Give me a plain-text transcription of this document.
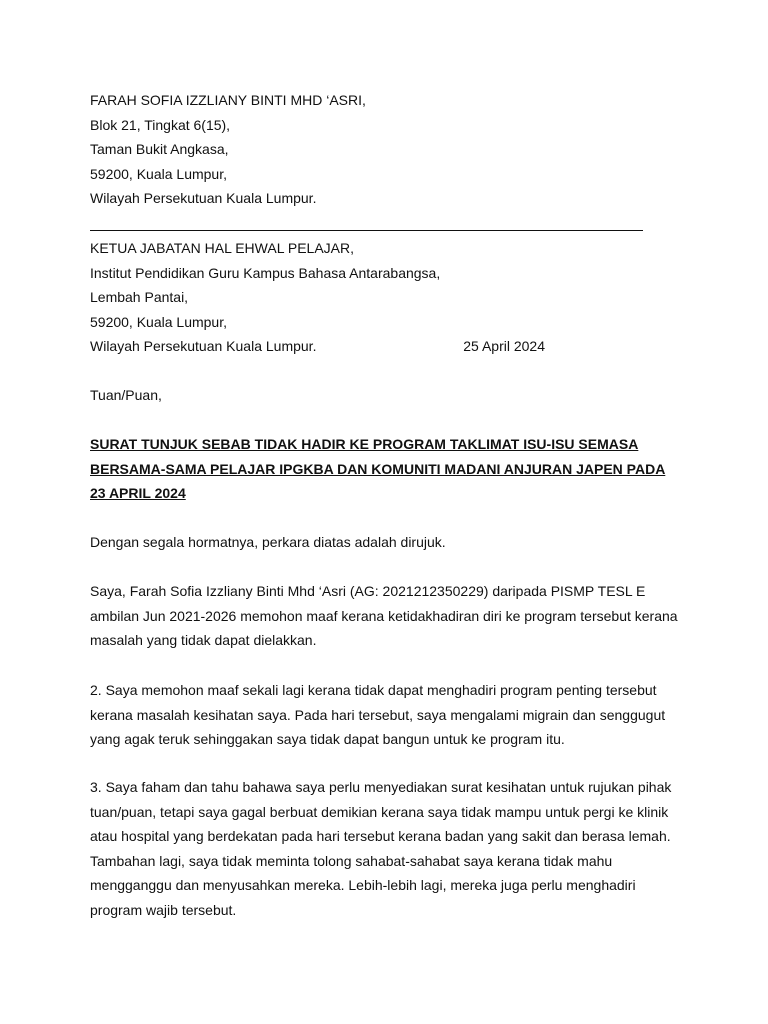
FARAH SOFIA IZZLIANY BINTI MHD ‘ASRI,
Blok 21, Tingkat 6(15),
Taman Bukit Angkasa,
59200, Kuala Lumpur,
Wilayah Persekutuan Kuala Lumpur.
KETUA JABATAN HAL EHWAL PELAJAR,
Institut Pendidikan Guru Kampus Bahasa Antarabangsa,
Lembah Pantai,
59200, Kuala Lumpur,
Wilayah Persekutuan Kuala Lumpur.	25 April 2024
Tuan/Puan,
SURAT TUNJUK SEBAB TIDAK HADIR KE PROGRAM TAKLIMAT ISU-ISU SEMASA
BERSAMA-SAMA PELAJAR IPGKBA DAN KOMUNITI MADANI ANJURAN JAPEN PADA
23 APRIL 2024
Dengan segala hormatnya, perkara diatas adalah dirujuk.
Saya, Farah Sofia Izzliany Binti Mhd ‘Asri (AG: 2021212350229) daripada PISMP TESL E
ambilan Jun 2021-2026 memohon maaf kerana ketidakhadiran diri ke program tersebut kerana
masalah yang tidak dapat dielakkan.
2. Saya memohon maaf sekali lagi kerana tidak dapat menghadiri program penting tersebut
kerana masalah kesihatan saya. Pada hari tersebut, saya mengalami migrain dan senggugut
yang agak teruk sehinggakan saya tidak dapat bangun untuk ke program itu.
3. Saya faham dan tahu bahawa saya perlu menyediakan surat kesihatan untuk rujukan pihak
tuan/puan, tetapi saya gagal berbuat demikian kerana saya tidak mampu untuk pergi ke klinik
atau hospital yang berdekatan pada hari tersebut kerana badan yang sakit dan berasa lemah.
Tambahan lagi, saya tidak meminta tolong sahabat-sahabat saya kerana tidak mahu
mengganggu dan menyusahkan mereka. Lebih-lebih lagi, mereka juga perlu menghadiri
program wajib tersebut.
